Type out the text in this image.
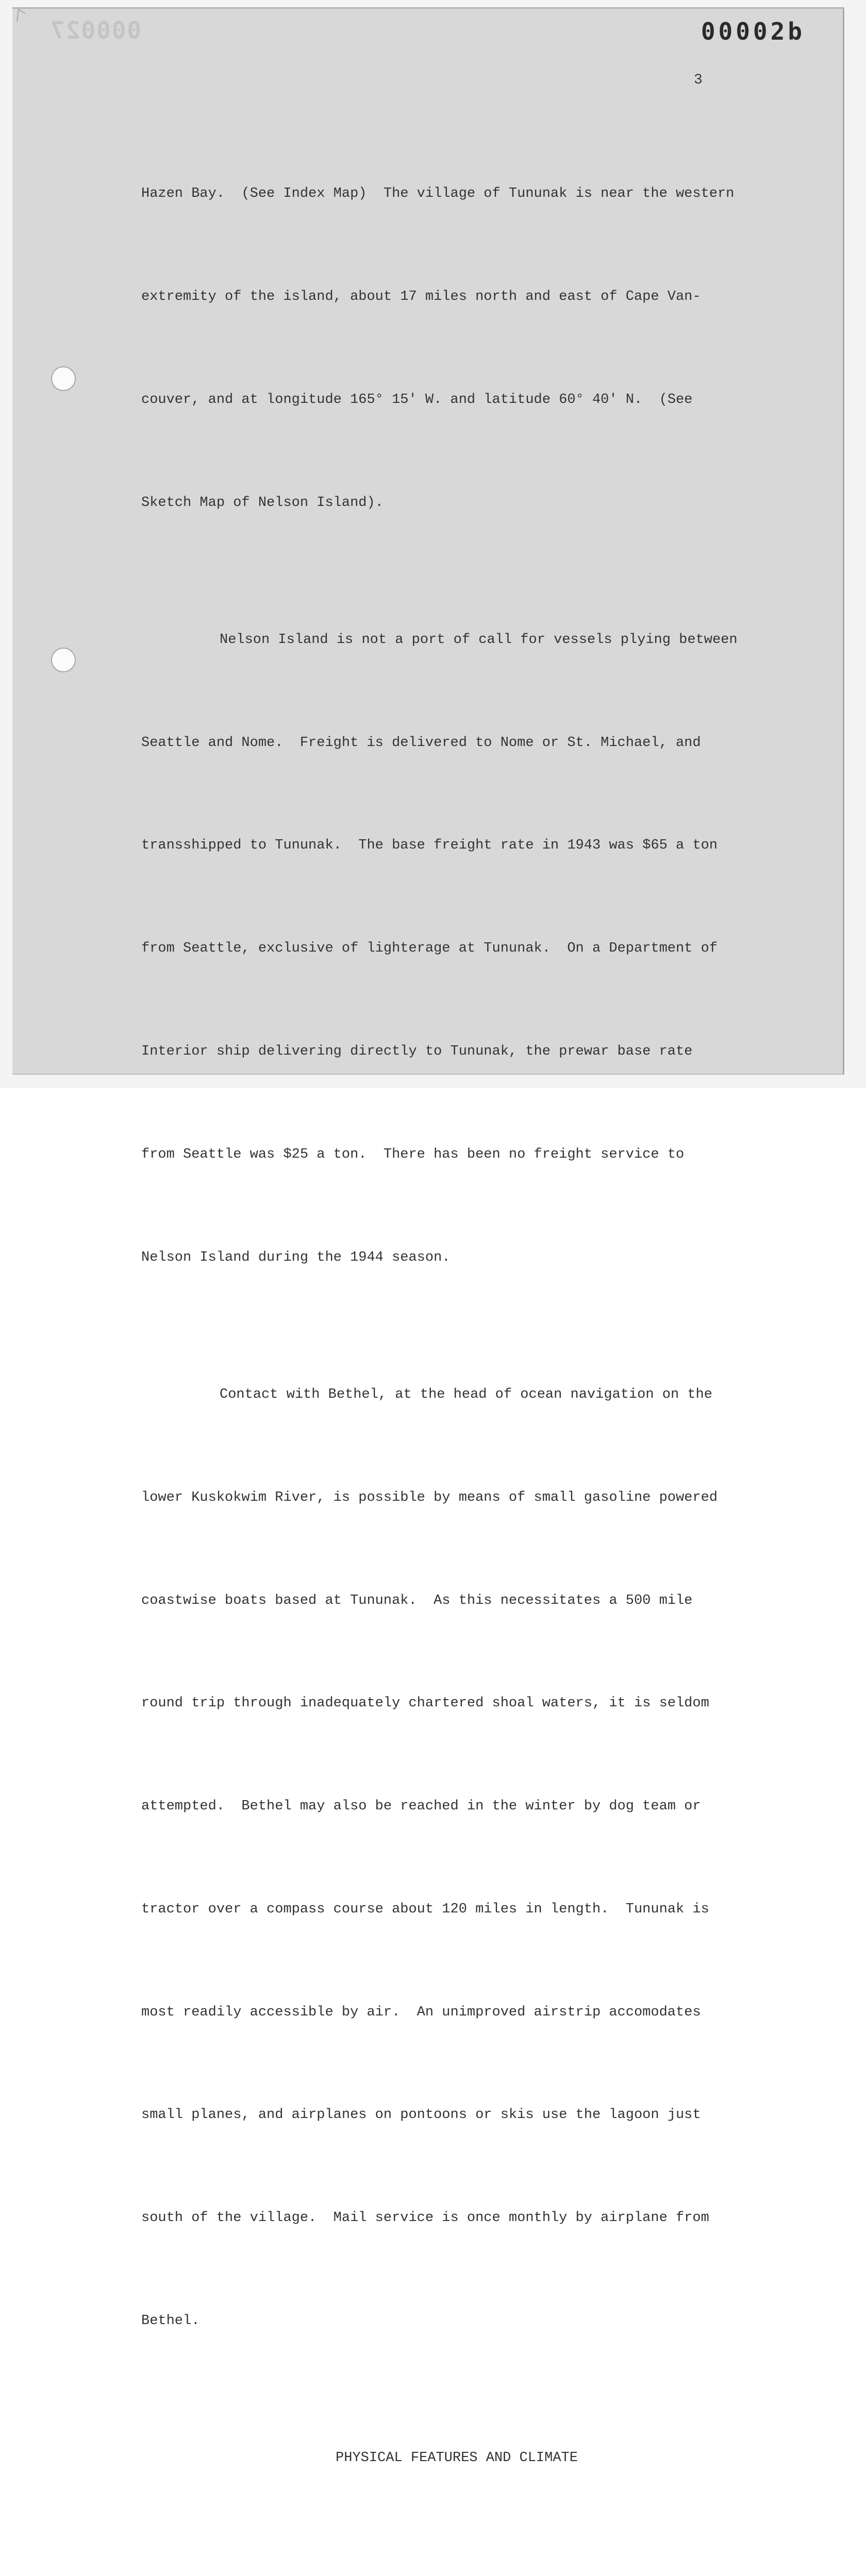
000027	00002b
3

Hazen Bay.  (See Index Map)  The village of Tununak is near the western

extremity of the island, about 17 miles north and east of Cape Van-

couver, and at longitude 165° 15' W. and latitude 60° 40' N.  (See

Sketch Map of Nelson Island).

Nelson Island is not a port of call for vessels plying between

Seattle and Nome.  Freight is delivered to Nome or St. Michael, and

transshipped to Tununak.  The base freight rate in 1943 was $65 a ton

from Seattle, exclusive of lighterage at Tununak.  On a Department of

Interior ship delivering directly to Tununak, the prewar base rate

from Seattle was $25 a ton.  There has been no freight service to

Nelson Island during the 1944 season.

Contact with Bethel, at the head of ocean navigation on the

lower Kuskokwim River, is possible by means of small gasoline powered

coastwise boats based at Tununak.  As this necessitates a 500 mile

round trip through inadequately chartered shoal waters, it is seldom

attempted.  Bethel may also be reached in the winter by dog team or

tractor over a compass course about 120 miles in length.  Tununak is

most readily accessible by air.  An unimproved airstrip accomodates

small planes, and airplanes on pontoons or skis use the lagoon just

south of the village.  Mail service is once monthly by airplane from

Bethel.

PHYSICAL FEATURES AND CLIMATE
